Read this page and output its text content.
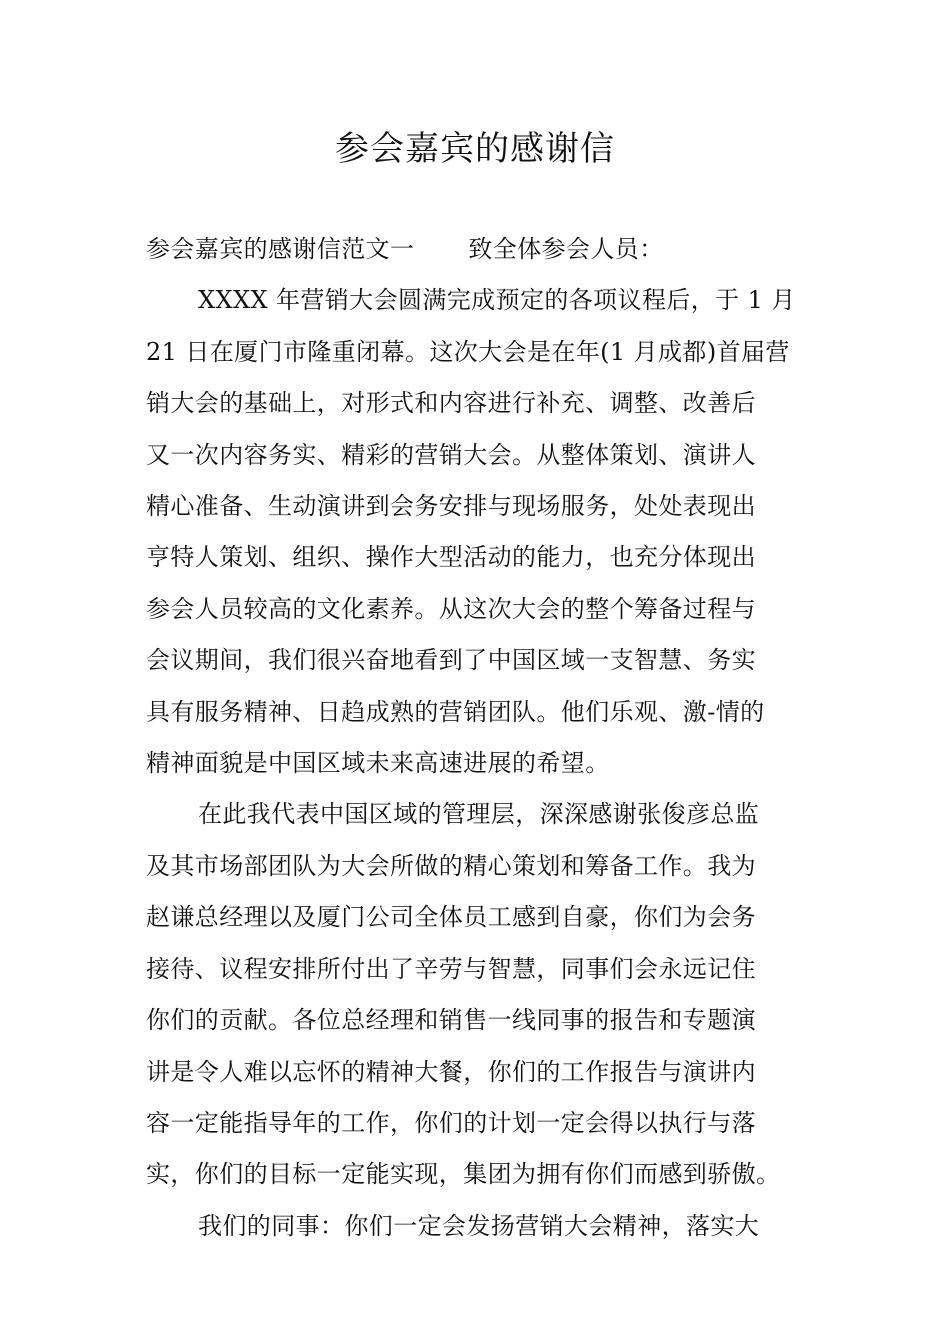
参会嘉宾的感谢信
参会嘉宾的感谢信范文一 致全体参会人员：
XXXX 年营销大会圆满完成预定的各项议程后，于 1 月
21 日在厦门市隆重闭幕。这次大会是在年(1 月成都)首届营
销大会的基础上，对形式和内容进行补充、调整、改善后
又一次内容务实、精彩的营销大会。从整体策划、演讲人
精心准备、生动演讲到会务安排与现场服务，处处表现出
亨特人策划、组织、操作大型活动的能力，也充分体现出
参会人员较高的文化素养。从这次大会的整个筹备过程与
会议期间，我们很兴奋地看到了中国区域一支智慧、务实
具有服务精神、日趋成熟的营销团队。他们乐观、激-情的
精神面貌是中国区域未来高速进展的希望。
在此我代表中国区域的管理层，深深感谢张俊彦总监
及其市场部团队为大会所做的精心策划和筹备工作。我为
赵谦总经理以及厦门公司全体员工感到自豪，你们为会务
接待、议程安排所付出了辛劳与智慧，同事们会永远记住
你们的贡献。各位总经理和销售一线同事的报告和专题演
讲是令人难以忘怀的精神大餐，你们的工作报告与演讲内
容一定能指导年的工作，你们的计划一定会得以执行与落
实，你们的目标一定能实现，集团为拥有你们而感到骄傲。
我们的同事：你们一定会发扬营销大会精神，落实大
